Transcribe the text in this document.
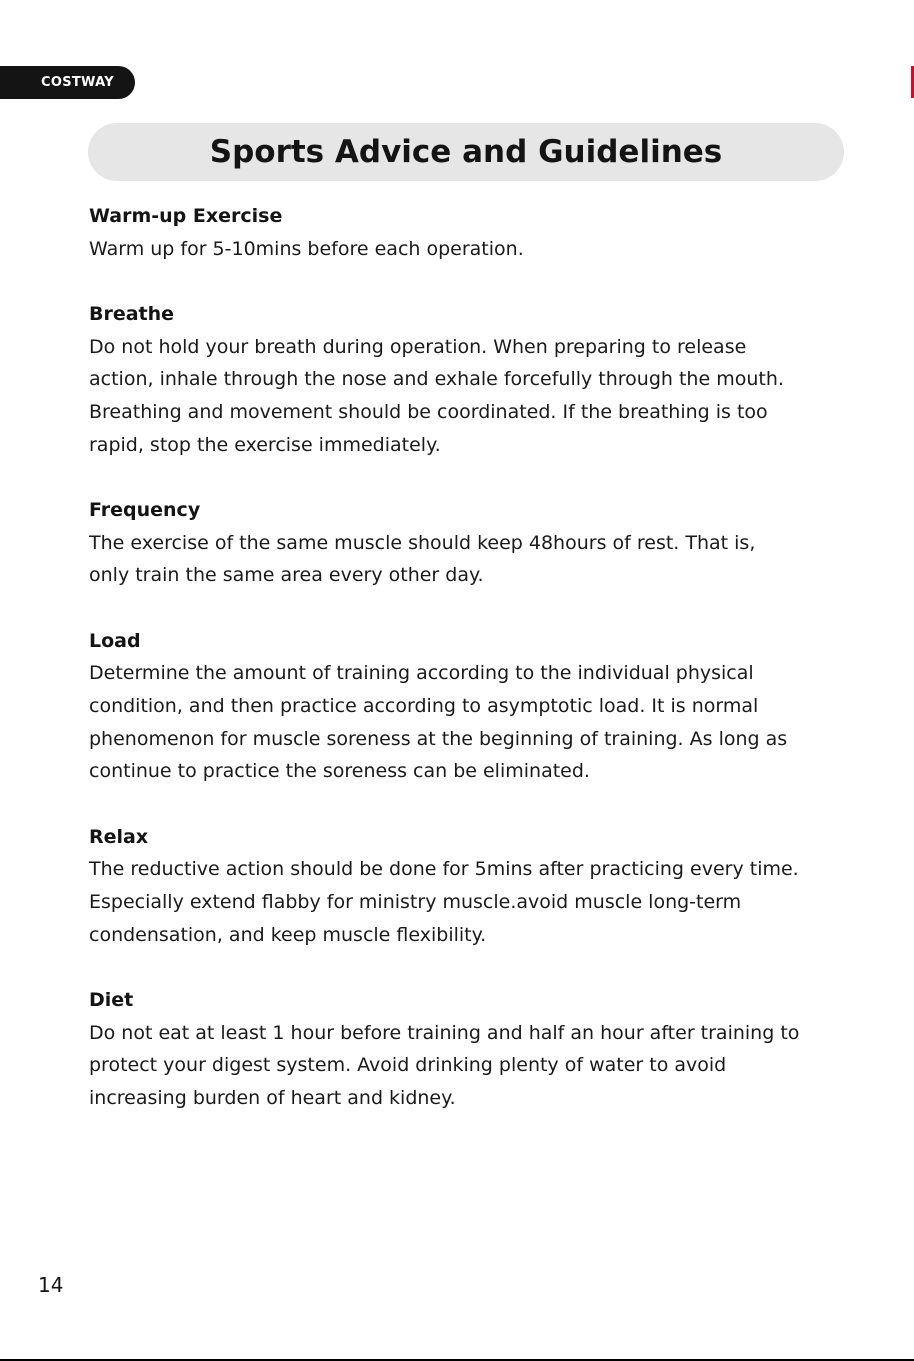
COSTWAY
Sports Advice and Guidelines
Warm-up Exercise

Warm up for 5-10mins before each operation.

Breathe

Do not hold your breath during operation. When preparing to release
action, inhale through the nose and exhale forcefully through the mouth.
Breathing and movement should be coordinated. If the breathing is too
rapid, stop the exercise immediately.

Frequency

The exercise of the same muscle should keep 48hours of rest. That is,
only train the same area every other day.

Load

Determine the amount of training according to the individual physical
condition, and then practice according to asymptotic load. It is normal
phenomenon for muscle soreness at the beginning of training. As long as
continue to practice the soreness can be eliminated.

Relax

The reductive action should be done for 5mins after practicing every time.
Especially extend flabby for ministry muscle.avoid muscle long-term
condensation, and keep muscle flexibility.

Diet

Do not eat at least 1 hour before training and half an hour after training to
protect your digest system. Avoid drinking plenty of water to avoid
increasing burden of heart and kidney.

14
